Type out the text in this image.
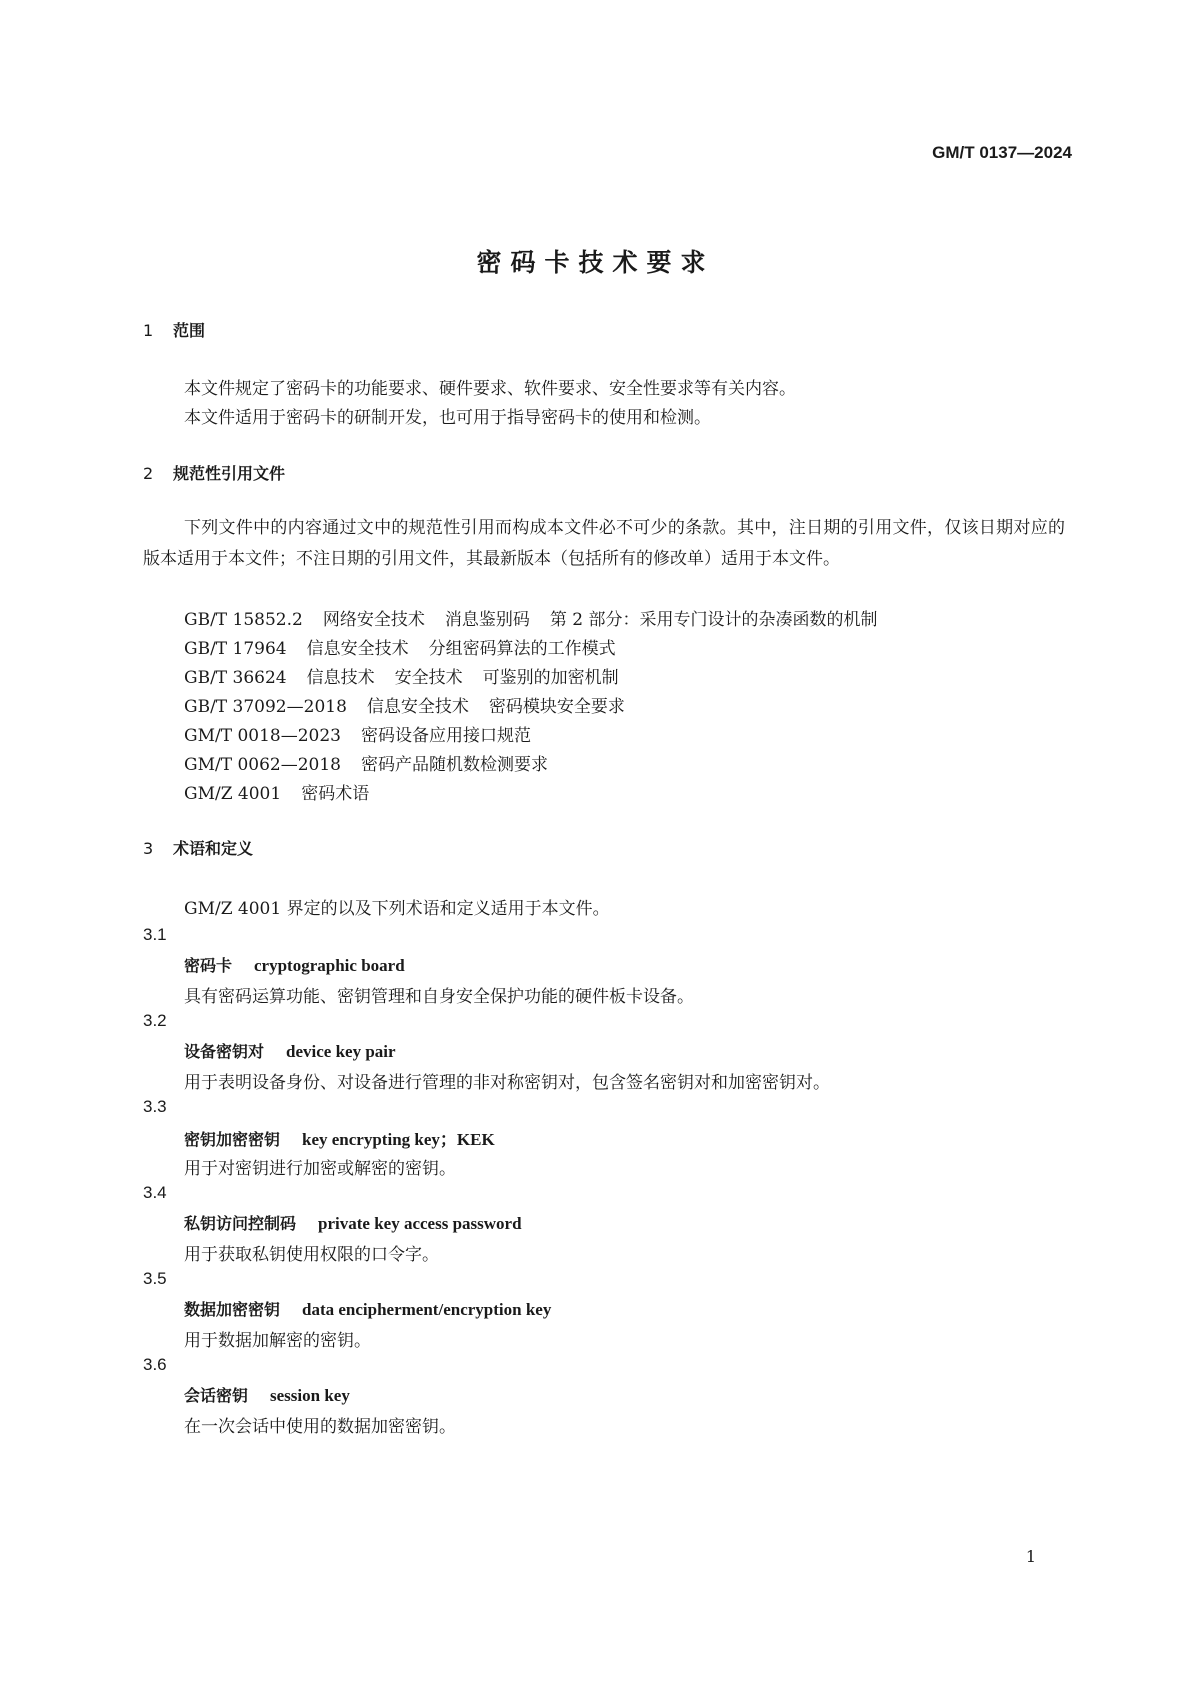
GM/T 0137—2024
密码卡技术要求
1 范围
本文件规定了密码卡的功能要求、硬件要求、软件要求、安全性要求等有关内容。
本文件适用于密码卡的研制开发，也可用于指导密码卡的使用和检测。
2 规范性引用文件
下列文件中的内容通过文中的规范性引用而构成本文件必不可少的条款。其中，注日期的引用文件，仅该日期对应的版本适用于本文件；不注日期的引用文件，其最新版本（包括所有的修改单）适用于本文件。
GB/T 15852.2 网络安全技术 消息鉴别码 第 2 部分：采用专门设计的杂凑函数的机制
GB/T 17964 信息安全技术 分组密码算法的工作模式
GB/T 36624 信息技术 安全技术 可鉴别的加密机制
GB/T 37092—2018 信息安全技术 密码模块安全要求
GM/T 0018—2023 密码设备应用接口规范
GM/T 0062—2018 密码产品随机数检测要求
GM/Z 4001 密码术语
3 术语和定义
GM/Z 4001 界定的以及下列术语和定义适用于本文件。
3.1
密码卡 cryptographic board
具有密码运算功能、密钥管理和自身安全保护功能的硬件板卡设备。
3.2
设备密钥对 device key pair
用于表明设备身份、对设备进行管理的非对称密钥对，包含签名密钥对和加密密钥对。
3.3
密钥加密密钥 key encrypting key；KEK
用于对密钥进行加密或解密的密钥。
3.4
私钥访问控制码 private key access password
用于获取私钥使用权限的口令字。
3.5
数据加密密钥 data encipherment/encryption key
用于数据加解密的密钥。
3.6
会话密钥 session key
在一次会话中使用的数据加密密钥。
1
